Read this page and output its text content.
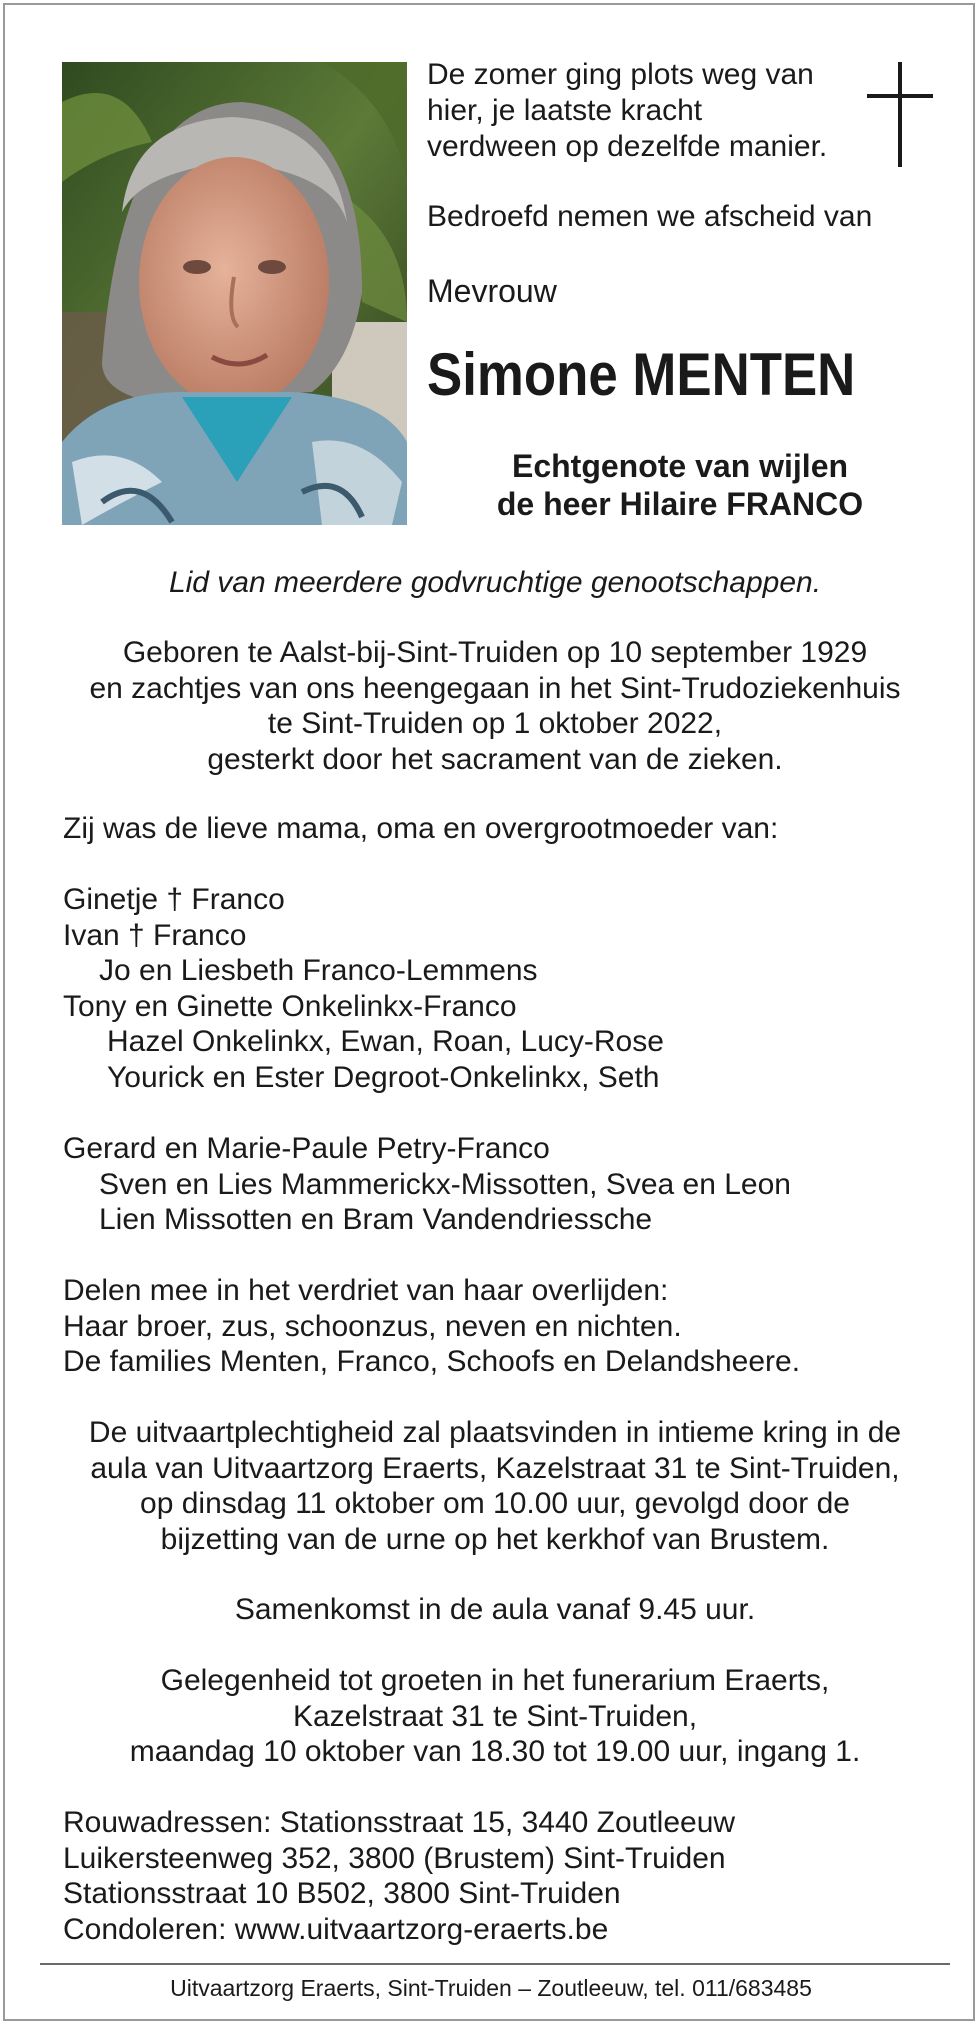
De zomer ging plots weg van
hier, je laatste kracht
verdween op dezelfde manier.
Bedroefd nemen we afscheid van
Mevrouw
Simone MENTEN
Echtgenote van wijlen
de heer Hilaire FRANCO
Lid van meerdere godvruchtige genootschappen.
Geboren te Aalst-bij-Sint-Truiden op 10 september 1929
en zachtjes van ons heengegaan in het Sint-Trudoziekenhuis
te Sint-Truiden op 1 oktober 2022,
gesterkt door het sacrament van de zieken.
Zij was de lieve mama, oma en overgrootmoeder van:
Ginetje † Franco
Ivan † Franco
Jo en Liesbeth Franco-Lemmens
Tony en Ginette Onkelinkx-Franco
Hazel Onkelinkx, Ewan, Roan, Lucy-Rose
Yourick en Ester Degroot-Onkelinkx, Seth
Gerard en Marie-Paule Petry-Franco
Sven en Lies Mammerickx-Missotten, Svea en Leon
Lien Missotten en Bram Vandendriessche
Delen mee in het verdriet van haar overlijden:
Haar broer, zus, schoonzus, neven en nichten.
De families Menten, Franco, Schoofs en Delandsheere.
De uitvaartplechtigheid zal plaatsvinden in intieme kring in de
aula van Uitvaartzorg Eraerts, Kazelstraat 31 te Sint-Truiden,
op dinsdag 11 oktober om 10.00 uur, gevolgd door de
bijzetting van de urne op het kerkhof van Brustem.
Samenkomst in de aula vanaf 9.45 uur.
Gelegenheid tot groeten in het funerarium Eraerts,
Kazelstraat 31 te Sint-Truiden,
maandag 10 oktober van 18.30 tot 19.00 uur, ingang 1.
Rouwadressen: Stationsstraat 15, 3440 Zoutleeuw
Luikersteenweg 352, 3800 (Brustem) Sint-Truiden
Stationsstraat 10 B502, 3800 Sint-Truiden
Condoleren: www.uitvaartzorg-eraerts.be
Uitvaartzorg Eraerts, Sint-Truiden – Zoutleeuw, tel. 011/683485
